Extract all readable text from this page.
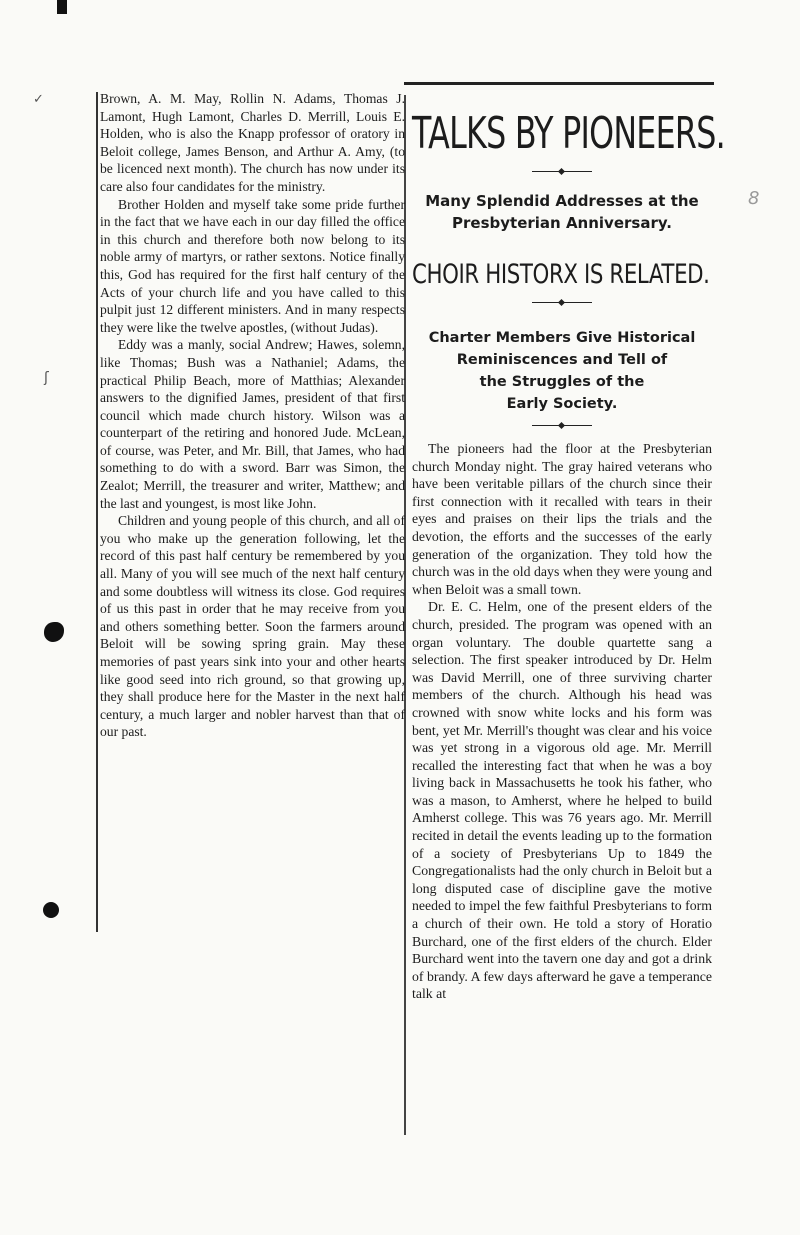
✓
ʃ
8

Brown, A. M. May, Rollin N. Adams, Thomas J. Lamont, Hugh Lamont, Charles D. Merrill, Louis E. Holden, who is also the Knapp professor of oratory in Beloit college, James Benson, and Arthur A. Amy, (to be licenced next month). The church has now under its care also four candidates for the ministry.

Brother Holden and myself take some pride further in the fact that we have each in our day filled the office in this church and therefore both now belong to its noble army of martyrs, or rather sextons. Notice finally this, God has required for the first half century of the Acts of your church life and you have called to this pulpit just 12 different ministers. And in many respects they were like the twelve apostles, (without Judas).

Eddy was a manly, social Andrew; Hawes, solemn, like Thomas; Bush was a Nathaniel; Adams, the practical Philip Beach, more of Matthias; Alexander answers to the dignified James, president of that first council which made church history. Wilson was a counterpart of the retiring and honored Jude. McLean, of course, was Peter, and Mr. Bill, that James, who had something to do with a sword. Barr was Simon, the Zealot; Merrill, the treasurer and writer, Matthew; and the last and youngest, is most like John.

Children and young people of this church, and all of you who make up the generation following, let the record of this past half century be remembered by you all. Many of you will see much of the next half century and some doubtless will witness its close. God requires of us this past in order that he may receive from you and others something better. Soon the farmers around Beloit will be sowing spring grain. May these memories of past years sink into your and other hearts like good seed into rich ground, so that growing up, they shall produce here for the Master in the next half century, a much larger and nobler harvest than that of our past.

TALKS BY PIONEERS.
Many Splendid Addresses at the
Presbyterian Anniversary.
CHOIR HISTORX IS RELATED.
Charter Members Give Historical
Reminiscences and Tell of
the Struggles of the
Early Society.

The pioneers had the floor at the Presbyterian church Monday night. The gray haired veterans who have been veritable pillars of the church since their first connection with it recalled with tears in their eyes and praises on their lips the trials and the devotion, the efforts and the successes of the early generation of the organization. They told how the church was in the old days when they were young and when Beloit was a small town.

Dr. E. C. Helm, one of the present elders of the church, presided. The program was opened with an organ voluntary. The double quartette sang a selection. The first speaker introduced by Dr. Helm was David Merrill, one of three surviving charter members of the church. Although his head was crowned with snow white locks and his form was bent, yet Mr. Merrill's thought was clear and his voice was yet strong in a vigorous old age. Mr. Merrill recalled the interesting fact that when he was a boy living back in Massachusetts he took his father, who was a mason, to Amherst, where he helped to build Amherst college. This was 76 years ago. Mr. Merrill recited in detail the events leading up to the formation of a society of Presbyterians Up to 1849 the Congregationalists had the only church in Beloit but a long disputed case of discipline gave the motive needed to impel the few faithful Presbyterians to form a church of their own. He told a story of Horatio Burchard, one of the first elders of the church. Elder Burchard went into the tavern one day and got a drink of brandy. A few days afterward he gave a temperance talk at
